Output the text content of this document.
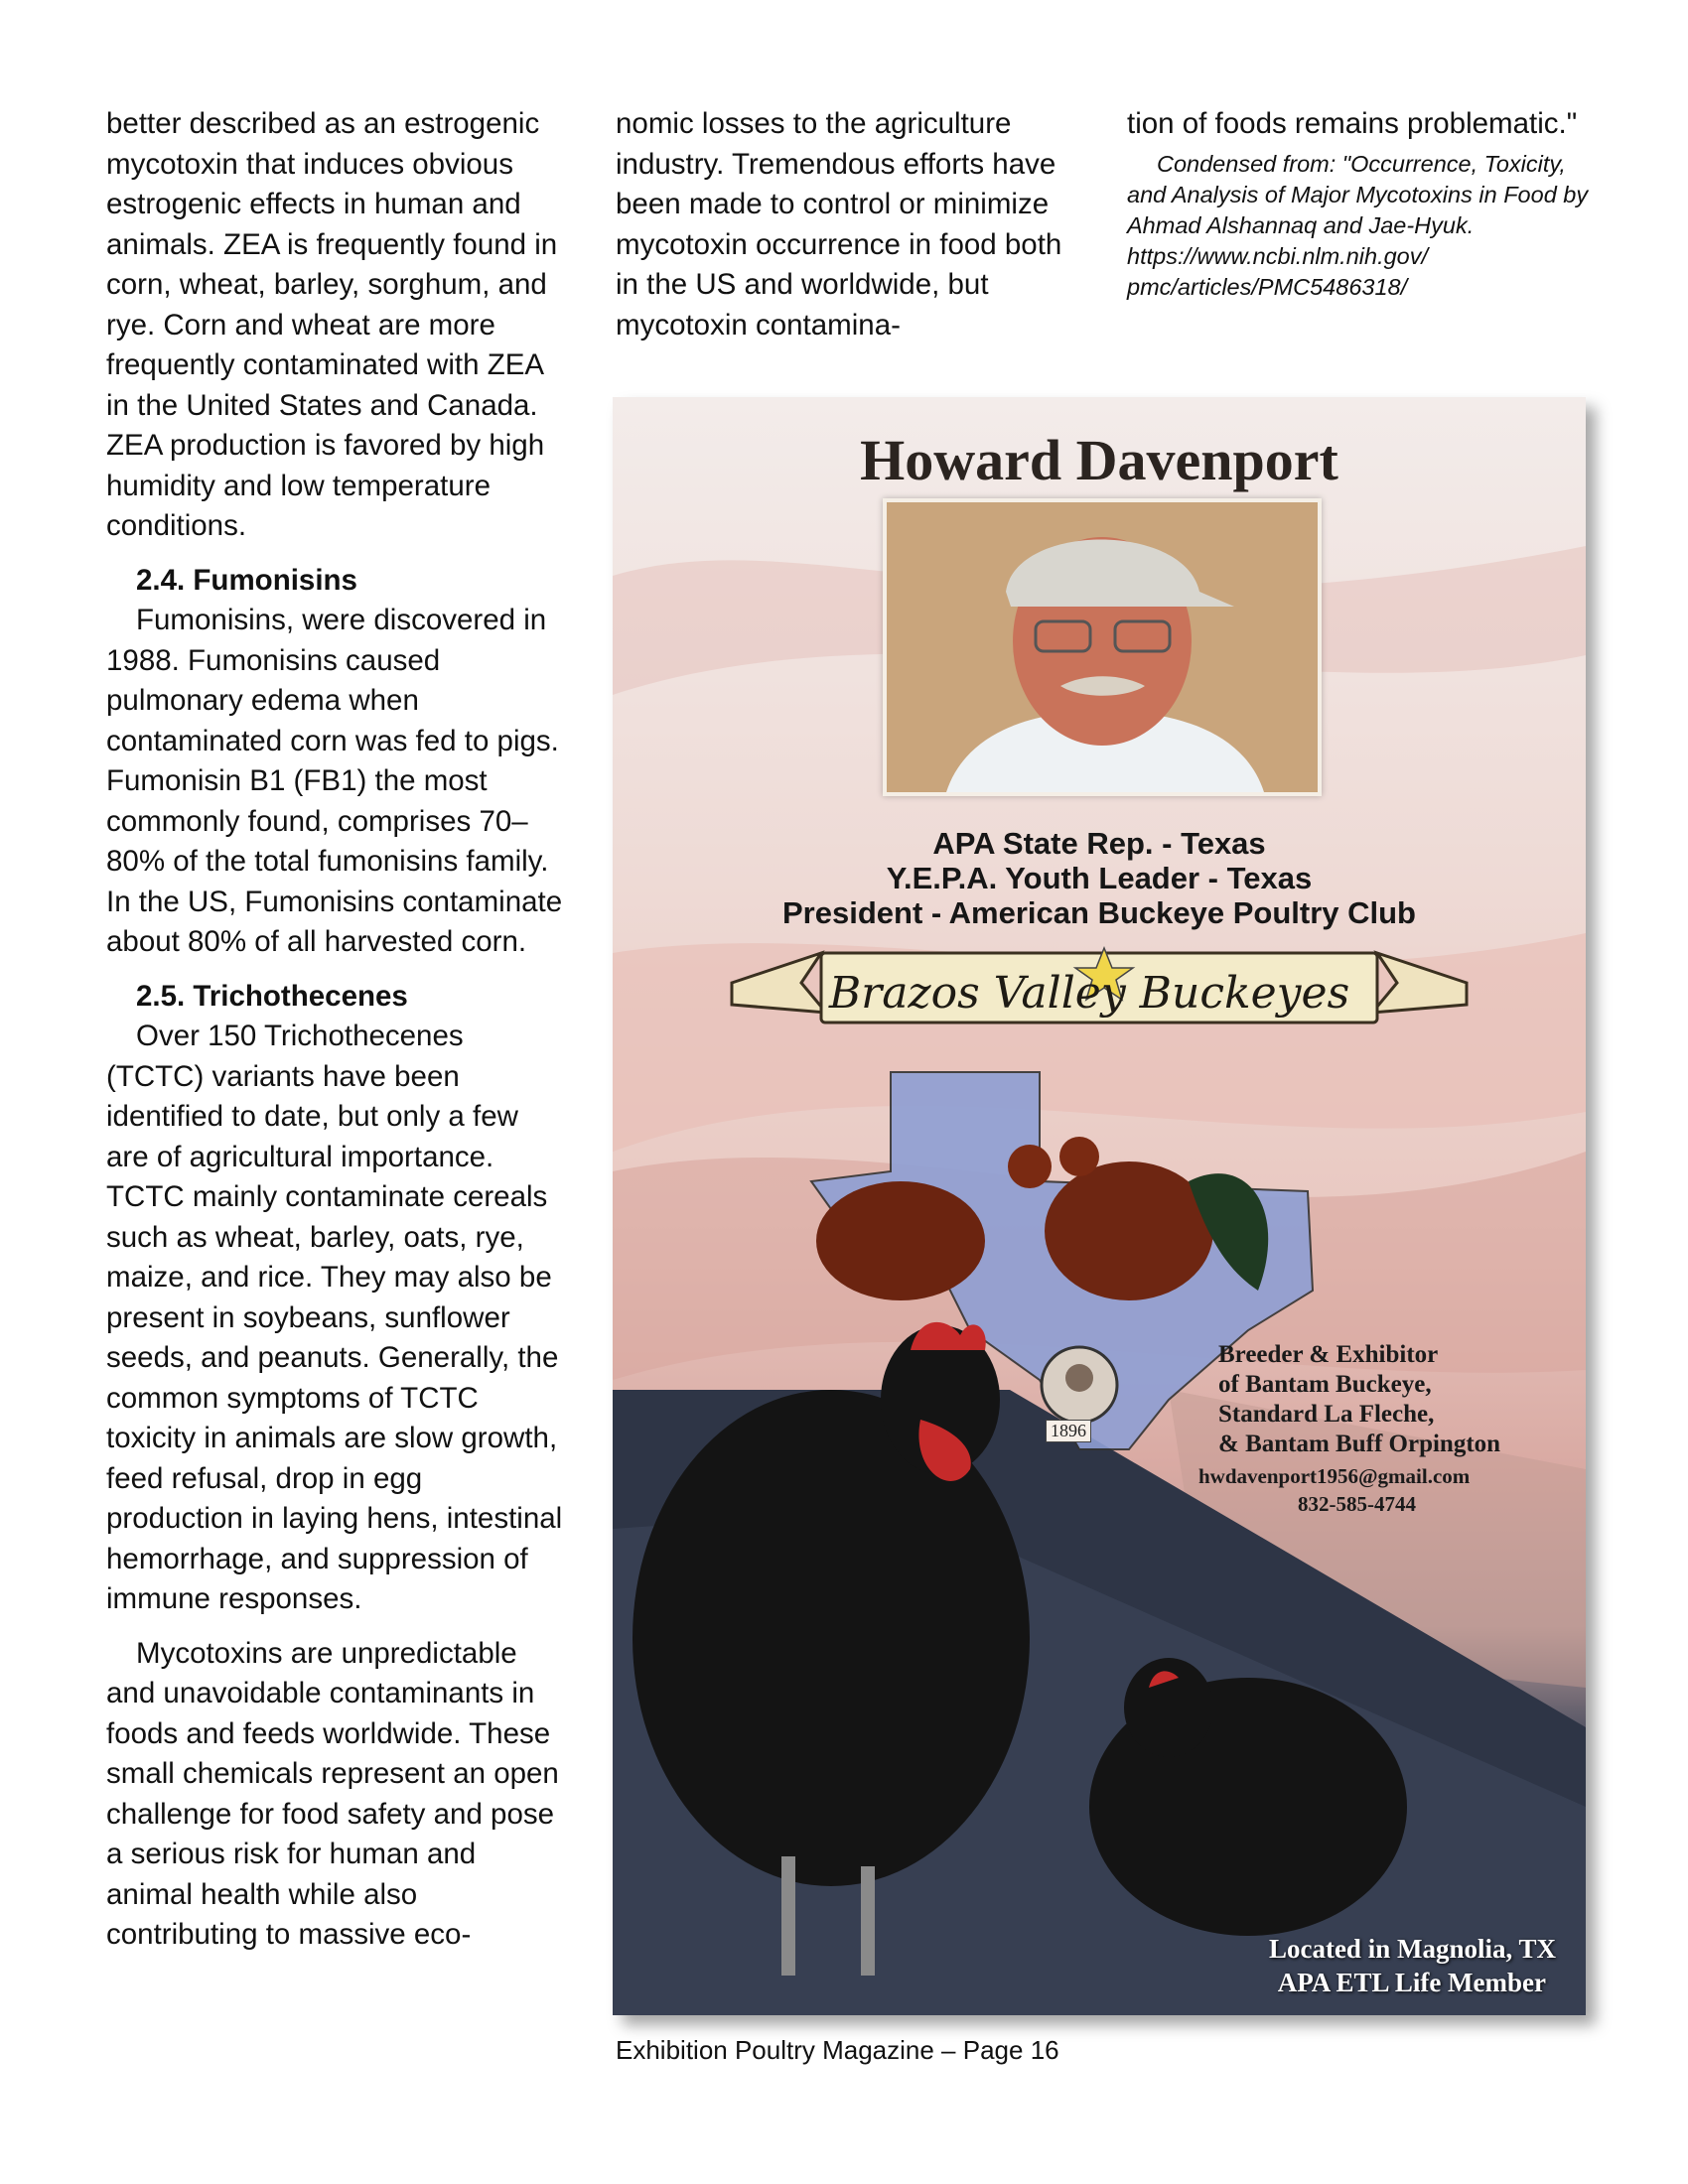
better described as an estrogenic mycotoxin that induces obvious estrogenic effects in human and animals. ZEA is frequently found in corn, wheat, barley, sorghum, and rye. Corn and wheat are more frequently contaminated with ZEA in the United States and Canada. ZEA production is favored by high humidity and low temperature conditions.

2.4. Fumonisins

Fumonisins, were discovered in 1988. Fumonisins caused pulmonary edema when contaminated corn was fed to pigs. Fumonisin B1 (FB1) the most commonly found, comprises 70–80% of the total fumonisins family. In the US, Fumonisins contaminate about 80% of all harvested corn.

2.5. Trichothecenes

Over 150 Trichothecenes (TCTC) variants have been identified to date, but only a few are of agricultural importance. TCTC mainly contaminate cereals such as wheat, barley, oats, rye, maize, and rice. They may also be present in soybeans, sunflower seeds, and peanuts. Generally, the common symptoms of TCTC toxicity in animals are slow growth, feed refusal, drop in egg production in laying hens, intestinal hemorrhage, and suppression of immune responses.

Mycotoxins are unpredictable and unavoidable contaminants in foods and feeds worldwide. These small chemicals represent an open challenge for food safety and pose a serious risk for human and animal health while also contributing to massive eco-

nomic losses to the agriculture industry. Tremendous efforts have been made to control or minimize mycotoxin occurrence in food both in the US and worldwide, but mycotoxin contamina-

tion of foods remains problematic."

Condensed from: "Occurrence, Toxicity, and Analysis of Major Mycotoxins in Food by Ahmad Alshannaq and Jae-Hyuk. https://www.ncbi.nlm.nih.gov/
pmc/articles/PMC5486318/

Howard Davenport
APA State Rep. - Texas
Y.E.P.A. Youth Leader - Texas
President - American Buckeye Poultry Club
Brazos Valley Buckeyes
1896
Breeder & Exhibitor
of Bantam Buckeye,
Standard La Fleche,
& Bantam Buff Orpington
hwdavenport1956@gmail.com
832-585-4744
Located in Magnolia, TX
APA ETL Life Member
Exhibition Poultry Magazine – Page 16
